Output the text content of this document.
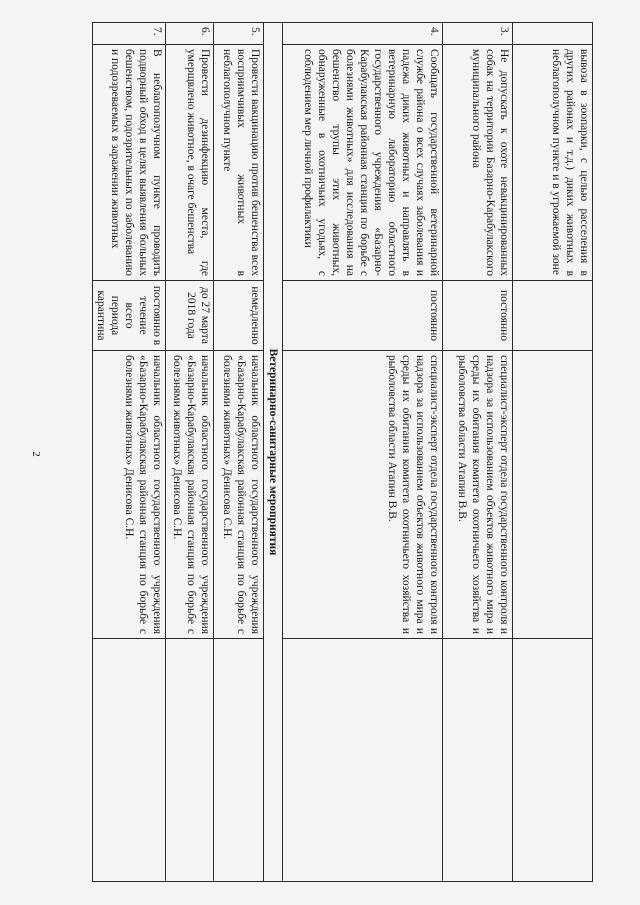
2
	вывоза в зоопарки, с целью расселения в других районах и т.д.) диких животных в неблагополучном пункте и в угрожаемой зоне			
3.	Не допускать к охоте невакцинированных собак на территории Базарно-Карабулакского муниципального района	постоянно	специалист-эксперт отдела государственного контроля и надзора за использованием объектов животного мира и среды их обитания комитета охотничьего хозяйства и рыболовства области Атапин В.В.	
4.	Сообщать государственной ветеринарной службе района о всех случаях заболевания и падежа диких животных и направлять в ветеринарную лабораторию областного государственного учреждения «Базарно-Карабулакская районная станция по борьбе с болезнями животных» для исследования на бешенство трупы этих животных, обнаруженные в охотничьих угодьях, с соблюдением мер личной профилактики	постоянно	специалист-эксперт отдела государственного контроля и надзора за использованием объектов животного мира и среды их обитания комитета охотничьего хозяйства и рыболовства области Атапин В.В.	
Ветеринарно-санитарные мероприятия				
5.	Провести вакцинацию против бешенства всех восприимчивых животных в неблагополучном пункте	немедленно	начальник областного государственного учреждения «Базарно-Карабулакская районная станция по борьбе с болезнями животных» Денисова С.Н.	
6.	Провести дезинфекцию места, где умерщвлено животное, в очаге бешенства	до 27 марта 2018 года	начальник областного государственного учреждения «Базарно-Карабулакская районная станция по борьбе с болезнями животных» Денисова С.Н.	
7.	В неблагополучном пункте проводить подворный обход в целях выявления больных бешенством, подозрительных по заболеванию и подозреваемых в заражении животных	постоянно в течение всего периода карантина	начальник областного государственного учреждения «Базарно-Карабулакская районная станция по борьбе с болезнями животных» Денисова С.Н.	
